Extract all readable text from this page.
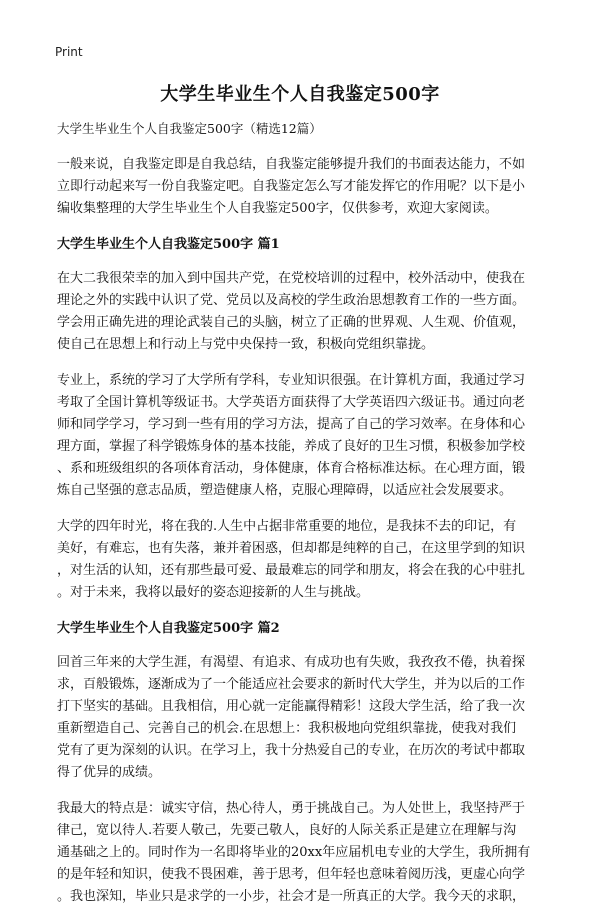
Print
大学生毕业生个人自我鉴定500字
大学生毕业生个人自我鉴定500字（精选12篇）
一般来说，自我鉴定即是自我总结，自我鉴定能够提升我们的书面表达能力，不如
立即行动起来写一份自我鉴定吧。自我鉴定怎么写才能发挥它的作用呢？以下是小
编收集整理的大学生毕业生个人自我鉴定500字，仅供参考，欢迎大家阅读。
大学生毕业生个人自我鉴定500字 篇1
在大二我很荣幸的加入到中国共产党，在党校培训的过程中，校外活动中，使我在
理论之外的实践中认识了党、党员以及高校的学生政治思想教育工作的一些方面。
学会用正确先进的理论武装自己的头脑，树立了正确的世界观、人生观、价值观，
使自己在思想上和行动上与党中央保持一致，积极向党组织靠拢。
专业上，系统的学习了大学所有学科，专业知识很强。在计算机方面，我通过学习
考取了全国计算机等级证书。大学英语方面获得了大学英语四六级证书。通过向老
师和同学学习，学习到一些有用的学习方法，提高了自己的学习效率。在身体和心
理方面，掌握了科学锻炼身体的基本技能，养成了良好的卫生习惯，积极参加学校
、系和班级组织的各项体育活动，身体健康，体育合格标准达标。在心理方面，锻
炼自己坚强的意志品质，塑造健康人格，克服心理障碍，以适应社会发展要求。
大学的四年时光，将在我的.人生中占据非常重要的地位，是我抹不去的印记，有
美好，有难忘，也有失落，兼并着困惑，但却都是纯粹的自己，在这里学到的知识
，对生活的认知，还有那些最可爱、最最难忘的同学和朋友，将会在我的心中驻扎
。对于未来，我将以最好的姿态迎接新的人生与挑战。
大学生毕业生个人自我鉴定500字 篇2
回首三年来的大学生涯，有渴望、有追求、有成功也有失败，我孜孜不倦，执着探
求，百般锻炼，逐渐成为了一个能适应社会要求的新时代大学生，并为以后的工作
打下坚实的基础。且我相信，用心就一定能赢得精彩！这段大学生活，给了我一次
重新塑造自己、完善自己的机会.在思想上：我积极地向党组织靠拢，使我对我们
党有了更为深刻的认识。在学习上，我十分热爱自己的专业，在历次的考试中都取
得了优异的成绩。
我最大的特点是：诚实守信，热心待人，勇于挑战自己。为人处世上，我坚持严于
律己，宽以待人.若要人敬己，先要己敬人，良好的人际关系正是建立在理解与沟
通基础之上的。同时作为一名即将毕业的20xx年应届机电专业的大学生，我所拥有
的是年轻和知识，使我不畏困难，善于思考，但年轻也意味着阅历浅，更虚心向学
。我也深知，毕业只是求学的一小步，社会才是一所真正的大学。我今天的求职，
